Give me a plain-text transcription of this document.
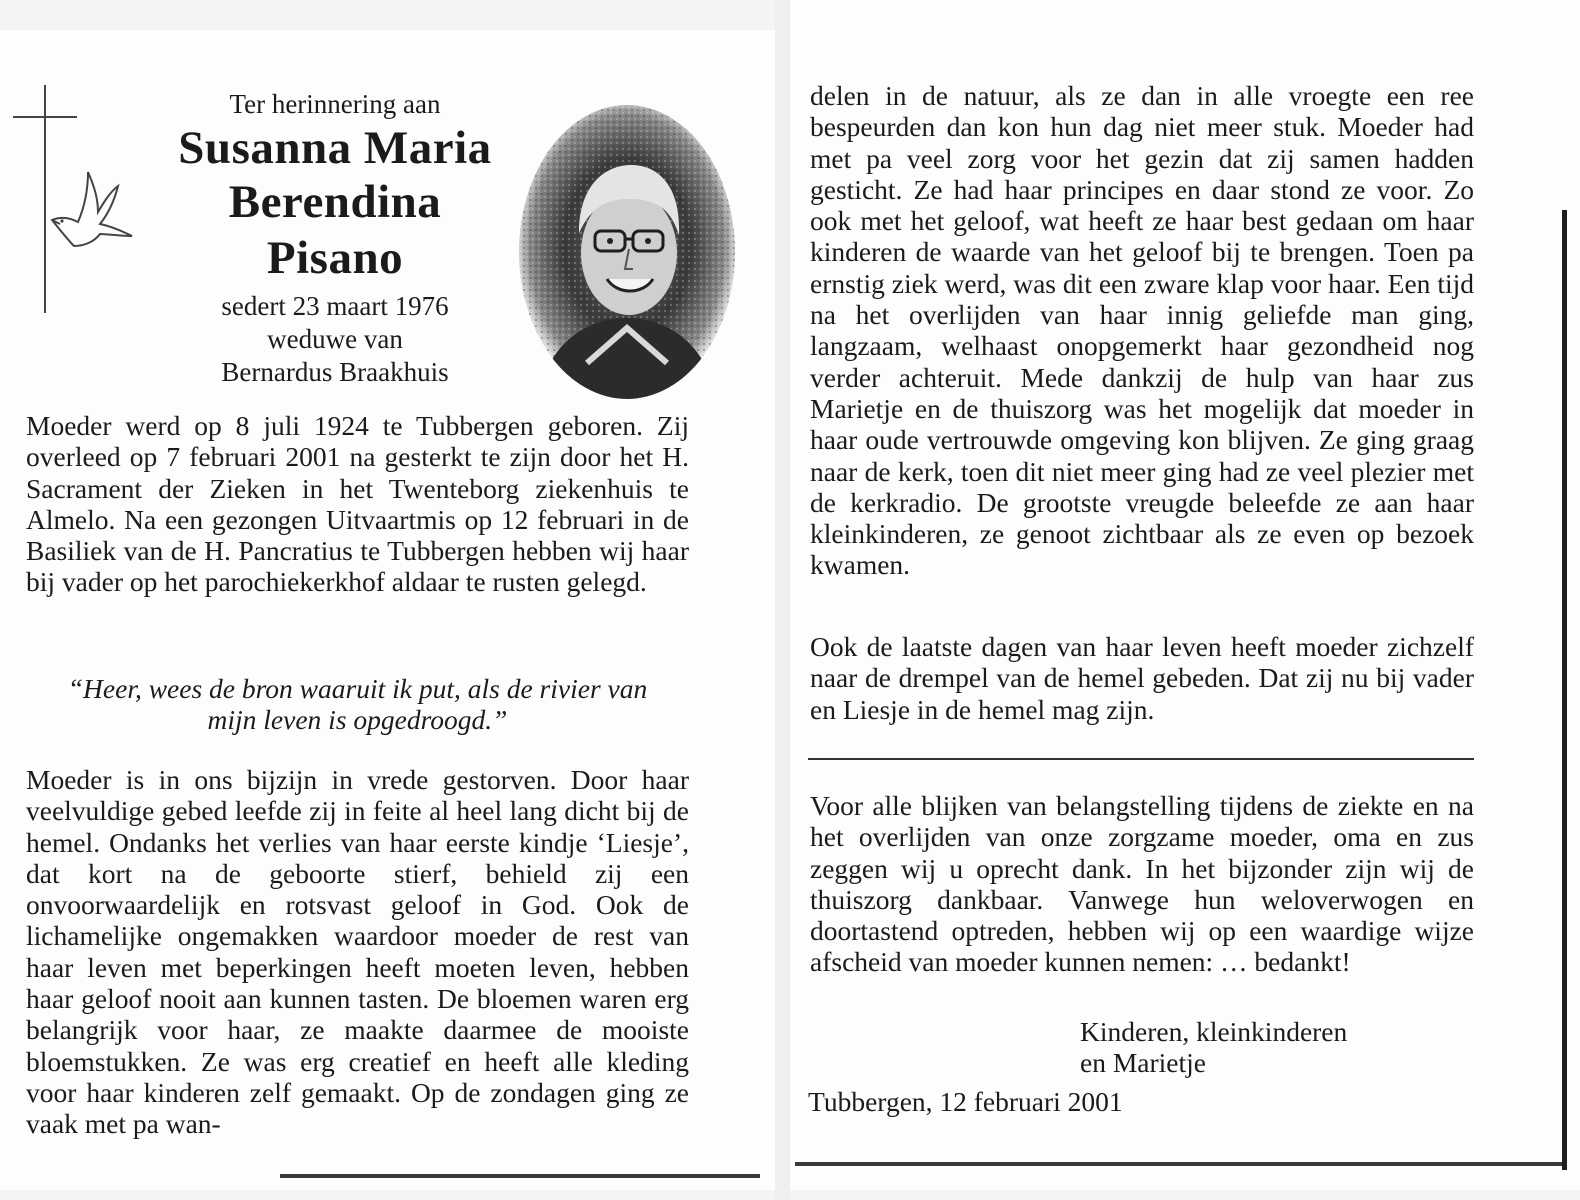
Ter herinnering aan
Susanna Maria
Berendina
Pisano
sedert 23 maart 1976
weduwe van
Bernardus Braakhuis
Moeder werd op 8 juli 1924 te Tubbergen geboren. Zij overleed op 7 februari 2001 na gesterkt te zijn door het H. Sacrament der Zieken in het Twenteborg ziekenhuis te Almelo. Na een gezongen Uitvaartmis op 12 februari in de Basiliek van de H. Pancratius te Tubbergen hebben wij haar bij vader op het parochiekerkhof aldaar te rusten gelegd.
“Heer, wees de bron waaruit ik put, als de rivier van
mijn leven is opgedroogd.”
Moeder is in ons bijzijn in vrede gestorven. Door haar veelvuldige gebed leefde zij in feite al heel lang dicht bij de hemel. Ondanks het verlies van haar eerste kindje ‘Liesje’, dat kort na de geboorte stierf, behield zij een onvoorwaardelijk en rotsvast geloof in God. Ook de lichamelijke ongemakken waardoor moeder de rest van haar leven met beperkingen heeft moeten leven, hebben haar geloof nooit aan kunnen tasten. De bloemen waren erg belangrijk voor haar, ze maakte daarmee de mooiste bloemstukken. Ze was erg creatief en heeft alle kleding voor haar kinderen zelf gemaakt. Op de zondagen ging ze vaak met pa wan-
delen in de natuur, als ze dan in alle vroegte een ree bespeurden dan kon hun dag niet meer stuk. Moeder had met pa veel zorg voor het gezin dat zij samen hadden gesticht. Ze had haar principes en daar stond ze voor. Zo ook met het geloof, wat heeft ze haar best gedaan om haar kinderen de waarde van het geloof bij te brengen. Toen pa ernstig ziek werd, was dit een zware klap voor haar. Een tijd na het overlijden van haar innig geliefde man ging, langzaam, welhaast onopgemerkt haar gezondheid nog verder achteruit. Mede dankzij de hulp van haar zus Marietje en de thuiszorg was het mogelijk dat moeder in haar oude vertrouwde omgeving kon blijven. Ze ging graag naar de kerk, toen dit niet meer ging had ze veel plezier met de kerkradio. De grootste vreugde beleefde ze aan haar kleinkinderen, ze genoot zichtbaar als ze even op bezoek kwamen.
Ook de laatste dagen van haar leven heeft moeder zichzelf naar de drempel van de hemel gebeden. Dat zij nu bij vader en Liesje in de hemel mag zijn.
Voor alle blijken van belangstelling tijdens de ziekte en na het overlijden van onze zorgzame moeder, oma en zus zeggen wij u oprecht dank. In het bijzonder zijn wij de thuiszorg dankbaar. Vanwege hun weloverwogen en doortastend optreden, hebben wij op een waardige wijze afscheid van moeder kunnen nemen: … bedankt!
Kinderen, kleinkinderen
en Marietje
Tubbergen, 12 februari 2001
